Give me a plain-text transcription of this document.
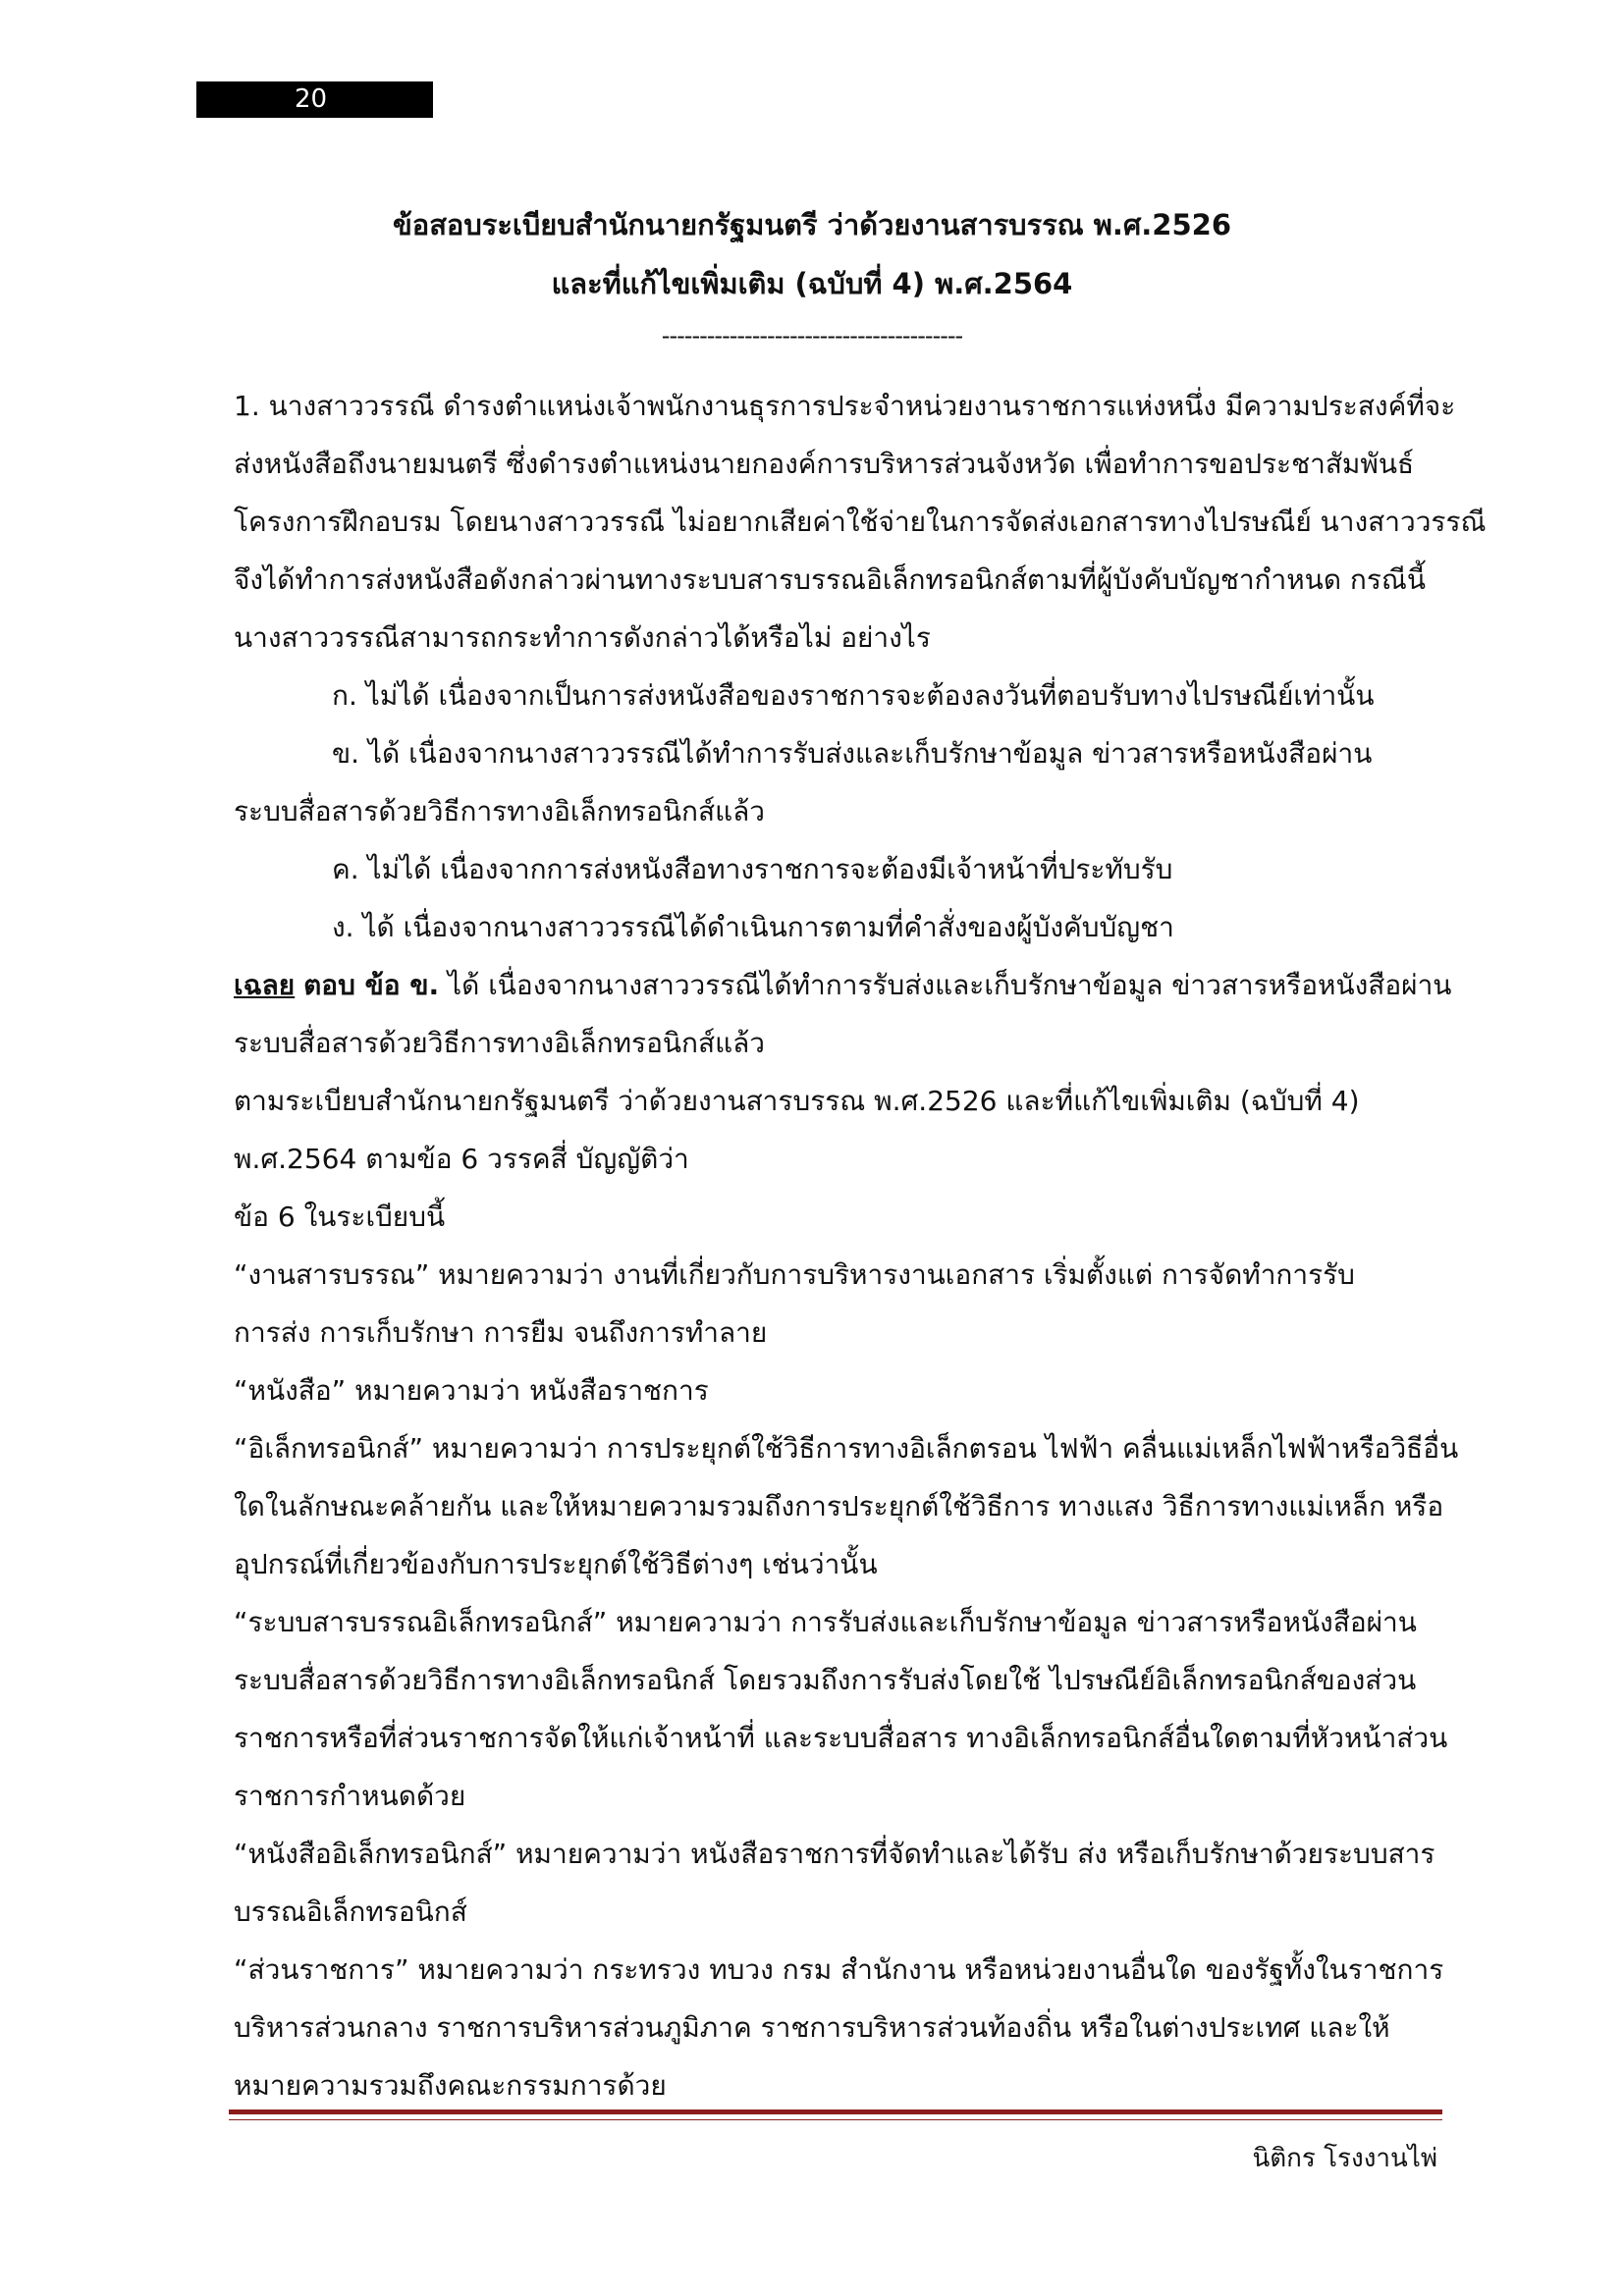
20
ข้อสอบระเบียบสำนักนายกรัฐมนตรี ว่าด้วยงานสารบรรณ พ.ศ.2526
และที่แก้ไขเพิ่มเติม (ฉบับที่ 4) พ.ศ.2564
----------------------------------------
1. นางสาววรรณี ดำรงตำแหน่งเจ้าพนักงานธุรการประจำหน่วยงานราชการแห่งหนึ่ง มีความประสงค์ที่จะ
ส่งหนังสือถึงนายมนตรี ซึ่งดำรงตำแหน่งนายกองค์การบริหารส่วนจังหวัด เพื่อทำการขอประชาสัมพันธ์
โครงการฝึกอบรม โดยนางสาววรรณี ไม่อยากเสียค่าใช้จ่ายในการจัดส่งเอกสารทางไปรษณีย์ นางสาววรรณี
จึงได้ทำการส่งหนังสือดังกล่าวผ่านทางระบบสารบรรณอิเล็กทรอนิกส์ตามที่ผู้บังคับบัญชากำหนด กรณีนี้
นางสาววรรณีสามารถกระทำการดังกล่าวได้หรือไม่ อย่างไร
ก. ไม่ได้ เนื่องจากเป็นการส่งหนังสือของราชการจะต้องลงวันที่ตอบรับทางไปรษณีย์เท่านั้น
ข. ได้ เนื่องจากนางสาววรรณีได้ทำการรับส่งและเก็บรักษาข้อมูล ข่าวสารหรือหนังสือผ่าน
ระบบสื่อสารด้วยวิธีการทางอิเล็กทรอนิกส์แล้ว
ค. ไม่ได้ เนื่องจากการส่งหนังสือทางราชการจะต้องมีเจ้าหน้าที่ประทับรับ
ง. ได้ เนื่องจากนางสาววรรณีได้ดำเนินการตามที่คำสั่งของผู้บังคับบัญชา
เฉลย ตอบ ข้อ ข. ได้ เนื่องจากนางสาววรรณีได้ทำการรับส่งและเก็บรักษาข้อมูล ข่าวสารหรือหนังสือผ่าน
ระบบสื่อสารด้วยวิธีการทางอิเล็กทรอนิกส์แล้ว
ตามระเบียบสำนักนายกรัฐมนตรี ว่าด้วยงานสารบรรณ พ.ศ.2526 และที่แก้ไขเพิ่มเติม (ฉบับที่ 4)
พ.ศ.2564 ตามข้อ 6 วรรคสี่ บัญญัติว่า
ข้อ 6 ในระเบียบนี้
“งานสารบรรณ” หมายความว่า งานที่เกี่ยวกับการบริหารงานเอกสาร เริ่มตั้งแต่ การจัดทำการรับ
การส่ง การเก็บรักษา การยืม จนถึงการทำลาย
“หนังสือ” หมายความว่า หนังสือราชการ
“อิเล็กทรอนิกส์” หมายความว่า การประยุกต์ใช้วิธีการทางอิเล็กตรอน ไฟฟ้า คลื่นแม่เหล็กไฟฟ้าหรือวิธีอื่น
ใดในลักษณะคล้ายกัน และให้หมายความรวมถึงการประยุกต์ใช้วิธีการ ทางแสง วิธีการทางแม่เหล็ก หรือ
อุปกรณ์ที่เกี่ยวข้องกับการประยุกต์ใช้วิธีต่างๆ เช่นว่านั้น
“ระบบสารบรรณอิเล็กทรอนิกส์” หมายความว่า การรับส่งและเก็บรักษาข้อมูล ข่าวสารหรือหนังสือผ่าน
ระบบสื่อสารด้วยวิธีการทางอิเล็กทรอนิกส์ โดยรวมถึงการรับส่งโดยใช้ ไปรษณีย์อิเล็กทรอนิกส์ของส่วน
ราชการหรือที่ส่วนราชการจัดให้แก่เจ้าหน้าที่ และระบบสื่อสาร ทางอิเล็กทรอนิกส์อื่นใดตามที่หัวหน้าส่วน
ราชการกำหนดด้วย
“หนังสืออิเล็กทรอนิกส์” หมายความว่า หนังสือราชการที่จัดทำและได้รับ ส่ง หรือเก็บรักษาด้วยระบบสาร
บรรณอิเล็กทรอนิกส์
“ส่วนราชการ” หมายความว่า กระทรวง ทบวง กรม สำนักงาน หรือหน่วยงานอื่นใด ของรัฐทั้งในราชการ
บริหารส่วนกลาง ราชการบริหารส่วนภูมิภาค ราชการบริหารส่วนท้องถิ่น หรือในต่างประเทศ และให้
หมายความรวมถึงคณะกรรมการด้วย
นิติกร โรงงานไพ่
